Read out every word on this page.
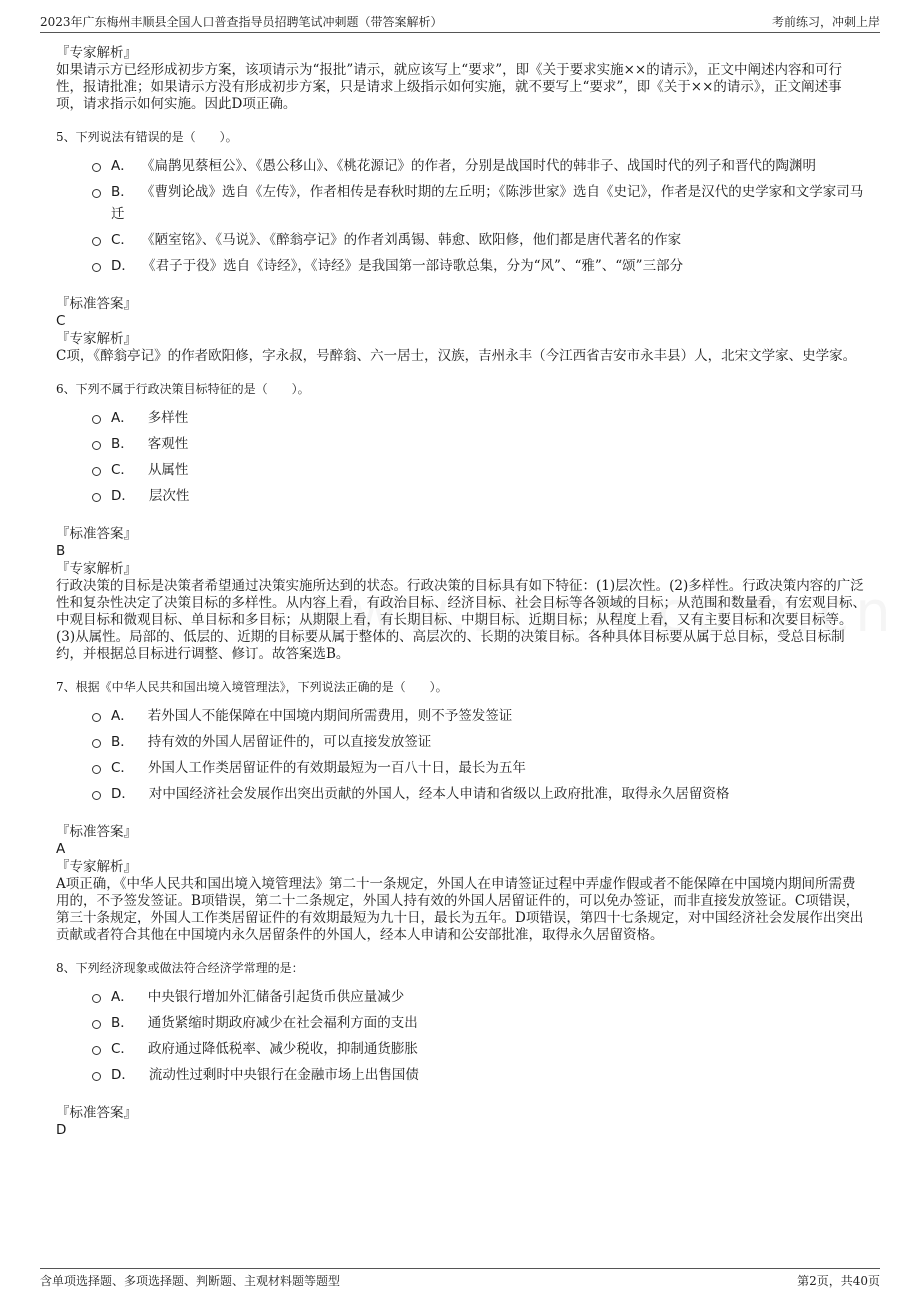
2023年广东梅州丰顺县全国人口普查指导员招聘笔试冲刺题（带答案解析）	考前练习，冲刺上岸
『专家解析』

如果请示方已经形成初步方案，该项请示为“报批”请示，就应该写上“要求”，即《关于要求实施××的请示》，正文中阐述内容和可行性，报请批准；如果请示方没有形成初步方案，只是请求上级指示如何实施，就不要写上“要求”，即《关于××的请示》，正文阐述事项，请求指示如何实施。因此D项正确。

5、下列说法有错误的是（　　）。
A． 《扁鹊见蔡桓公》、《愚公移山》、《桃花源记》的作者，分别是战国时代的韩非子、战国时代的列子和晋代的陶渊明
B． 《曹刿论战》选自《左传》，作者相传是春秋时期的左丘明；《陈涉世家》选自《史记》，作者是汉代的史学家和文学家司马迁
C． 《陋室铭》、《马说》、《醉翁亭记》的作者刘禹锡、韩愈、欧阳修，他们都是唐代著名的作家
D． 《君子于役》选自《诗经》，《诗经》是我国第一部诗歌总集，分为“风”、“雅”、“颂”三部分
『标准答案』
C
『专家解析』

C项，《醉翁亭记》的作者欧阳修，字永叔，号醉翁、六一居士，汉族，吉州永丰（今江西省吉安市永丰县）人，北宋文学家、史学家。

6、下列不属于行政决策目标特征的是（　　）。
A． 多样性
B． 客观性
C． 从属性
D． 层次性
『标准答案』
B
『专家解析』

行政决策的目标是决策者希望通过决策实施所达到的状态。行政决策的目标具有如下特征：(1)层次性。(2)多样性。行政决策内容的广泛性和复杂性决定了决策目标的多样性。从内容上看，有政治目标、经济目标、社会目标等各领域的目标；从范围和数量看，有宏观目标、中观目标和微观目标、单目标和多目标；从期限上看，有长期目标、中期目标、近期目标；从程度上看，又有主要目标和次要目标等。(3)从属性。局部的、低层的、近期的目标要从属于整体的、高层次的、长期的决策目标。各种具体目标要从属于总目标，受总目标制约，并根据总目标进行调整、修订。故答案选B。

7、根据《中华人民共和国出境入境管理法》，下列说法正确的是（　　）。
A． 若外国人不能保障在中国境内期间所需费用，则不予签发签证
B． 持有效的外国人居留证件的，可以直接发放签证
C． 外国人工作类居留证件的有效期最短为一百八十日，最长为五年
D． 对中国经济社会发展作出突出贡献的外国人，经本人申请和省级以上政府批准，取得永久居留资格
『标准答案』
A
『专家解析』

A项正确，《中华人民共和国出境入境管理法》第二十一条规定，外国人在申请签证过程中弄虚作假或者不能保障在中国境内期间所需费用的，不予签发签证。B项错误，第二十二条规定，外国人持有效的外国人居留证件的，可以免办签证，而非直接发放签证。C项错误，第三十条规定，外国人工作类居留证件的有效期最短为九十日，最长为五年。D项错误，第四十七条规定，对中国经济社会发展作出突出贡献或者符合其他在中国境内永久居留条件的外国人，经本人申请和公安部批准，取得永久居留资格。

8、下列经济现象或做法符合经济学常理的是：
A． 中央银行增加外汇储备引起货币供应量减少
B． 通货紧缩时期政府减少在社会福利方面的支出
C． 政府通过降低税率、减少税收，抑制通货膨胀
D． 流动性过剩时中央银行在金融市场上出售国债
『标准答案』
D
含单项选择题、多项选择题、判断题、主观材料题等题型	第2页，共40页
